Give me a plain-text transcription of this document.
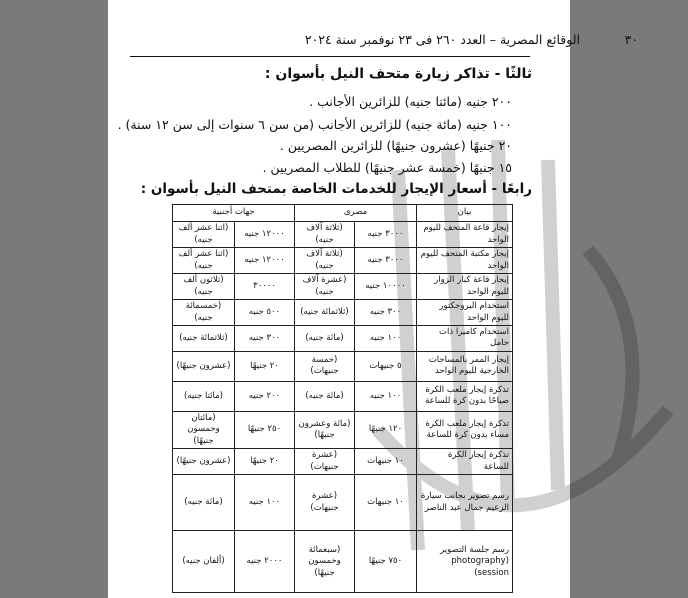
٣٠
الوقائع المصرية – العدد ٢٦٠ فى ٢٣ نوفمبر سنة ٢٠٢٤
ثالثًا - تذاكر زيارة متحف النيل بأسوان :
٢٠٠ جنيه (مائتا جنيه) للزائرين الأجانب .
١٠٠ جنيه (مائة جنيه) للزائرين الأجانب (من سن ٦ سنوات إلى سن ١٢ سنة) .
٢٠ جنيهًا (عشرون جنيهًا) للزائرين المصريين .
١٥ جنيهًا (خمسة عشر جنيهًا) للطلاب المصريين .
رابعًا - أسعار الإيجار للخدمات الخاصة بمتحف النيل بأسوان :
بيان	مصرى		جهات أجنبية	
إيجار قاعة المتحف لليوم الواحد	٣٠٠٠ جنيه	(ثلاثة آلاف جنيه)	١٢٠٠٠ جنيه	(اثنا عشر ألف جنيه)
إيجار مكتبة المتحف لليوم الواحد	٣٠٠٠ جنيه	(ثلاثة آلاف جنيه)	١٢٠٠٠ جنيه	(اثنا عشر ألف جنيه)
إيجار قاعة كبار الزوار لليوم الواحد	١٠٠٠٠ جنيه	(عشرة آلاف جنيه)	٣٠٠٠٠	(ثلاثون ألف جنيه)
استخدام البروجكتور لليوم الواحد	٣٠٠ جنيه	(ثلاثمائة جنيه)	٥٠٠ جنيه	(خمسمائة جنيه)
استخدام كاميرا ذات حامل	١٠٠ جنيه	(مائة جنيه)	٣٠٠ جنيه	(ثلاثمائة جنيه)
إيجار الممر بالمساحات الخارجية لليوم الواحد	٥ جنيهات	(خمسة جنيهات)	٢٠ جنيهًا	(عشرون جنيهًا)
تذكرة إيجار ملعب الكرة صباحًا بدون كرة للساعة	١٠٠ جنيه	(مائة جنيه)	٢٠٠ جنيه	(مائتا جنيه)
تذكرة إيجار ملعب الكرة مساء بدون كرة للساعة	١٢٠ جنيهًا	(مائة وعشرون جنيهًا)	٢٥٠ جنيهًا	(مائتان وخمسون جنيهًا)
تذكرة إيجار الكرة للساعة	١٠ جنيهات	(عشرة جنيهات)	٢٠ جنيهًا	(عشرون جنيهًا)
رسم تصوير بجانب سيارة الزعيم جمال عبد الناصر	١٠ جنيهات	(عشرة جنيهات)	١٠٠ جنيه	(مائة جنيه)
رسم جلسة التصوير (photography session)	٧٥٠ جنيهًا	(سبعمائة وخمسون جنيهًا)	٢٠٠٠ جنيه	(ألفان جنيه)
